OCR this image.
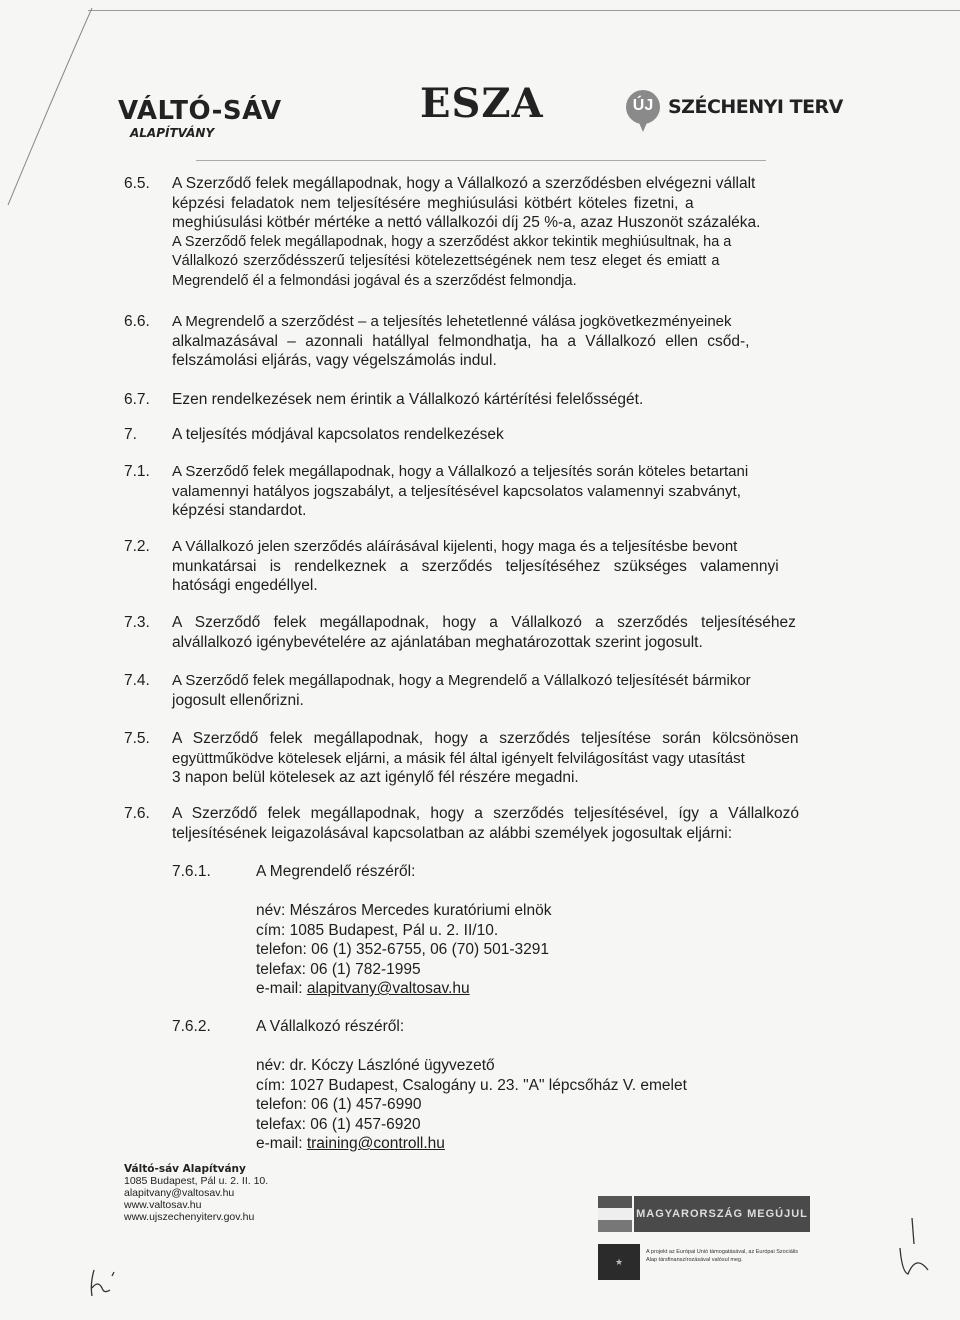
VÁLTÓ-SÁV
ALAPÍTVÁNY
ESZA
	ÚJ SZÉCHENYI TERV
6.5. A Szerződő felek megállapodnak, hogy a Vállalkozó a szerződésben elvégezni vállalt
képzési feladatok nem teljesítésére meghiúsulási kötbért köteles fizetni, a
meghiúsulási kötbér mértéke a nettó vállalkozói díj 25 %-a, azaz Huszonöt százaléka.
A Szerződő felek megállapodnak, hogy a szerződést akkor tekintik meghiúsultnak, ha a
Vállalkozó szerződésszerű teljesítési kötelezettségének nem tesz eleget és emiatt a
Megrendelő él a felmondási jogával és a szerződést felmondja.
6.6. A Megrendelő a szerződést – a teljesítés lehetetlenné válása jogkövetkezményeinek
alkalmazásával – azonnali hatállyal felmondhatja, ha a Vállalkozó ellen csőd-,
felszámolási eljárás, vagy végelszámolás indul.
6.7. Ezen rendelkezések nem érintik a Vállalkozó kártérítési felelősségét.
7. A teljesítés módjával kapcsolatos rendelkezések
7.1. A Szerződő felek megállapodnak, hogy a Vállalkozó a teljesítés során köteles betartani
valamennyi hatályos jogszabályt, a teljesítésével kapcsolatos valamennyi szabványt,
képzési standardot.
7.2. A Vállalkozó jelen szerződés aláírásával kijelenti, hogy maga és a teljesítésbe bevont
munkatársai is rendelkeznek a szerződés teljesítéséhez szükséges valamennyi
hatósági engedéllyel.
7.3. A Szerződő felek megállapodnak, hogy a Vállalkozó a szerződés teljesítéséhez
alvállalkozó igénybevételére az ajánlatában meghatározottak szerint jogosult.
7.4. A Szerződő felek megállapodnak, hogy a Megrendelő a Vállalkozó teljesítését bármikor
jogosult ellenőrizni.
7.5. A Szerződő felek megállapodnak, hogy a szerződés teljesítése során kölcsönösen
együttműködve kötelesek eljárni, a másik fél által igényelt felvilágosítást vagy utasítást
3 napon belül kötelesek az azt igénylő fél részére megadni.
7.6. A Szerződő felek megállapodnak, hogy a szerződés teljesítésével, így a Vállalkozó
teljesítésének leigazolásával kapcsolatban az alábbi személyek jogosultak eljárni:
7.6.1.	A Megrendelő részéről:
név: Mészáros Mercedes kuratóriumi elnök
cím: 1085 Budapest, Pál u. 2. II/10.
telefon: 06 (1) 352-6755, 06 (70) 501-3291
telefax: 06 (1) 782-1995
e-mail: alapitvany@valtosav.hu
7.6.2.	A Vállalkozó részéről:
név: dr. Kóczy Lászlóné ügyvezető
cím: 1027 Budapest, Csalogány u. 23. "A" lépcsőház V. emelet
telefon: 06 (1) 457-6990
telefax: 06 (1) 457-6920
e-mail: training@controll.hu
Váltó-sáv Alapítvány
1085 Budapest, Pál u. 2. II. 10.
alapitvany@valtosav.hu
www.valtosav.hu
www.ujszechenyiterv.gov.hu	MAGYARORSZÁG MEGÚJUL
★
A projekt az Európai Unió támogatásával, az Európai Szociális Alap társfinanszírozásával valósul meg.
